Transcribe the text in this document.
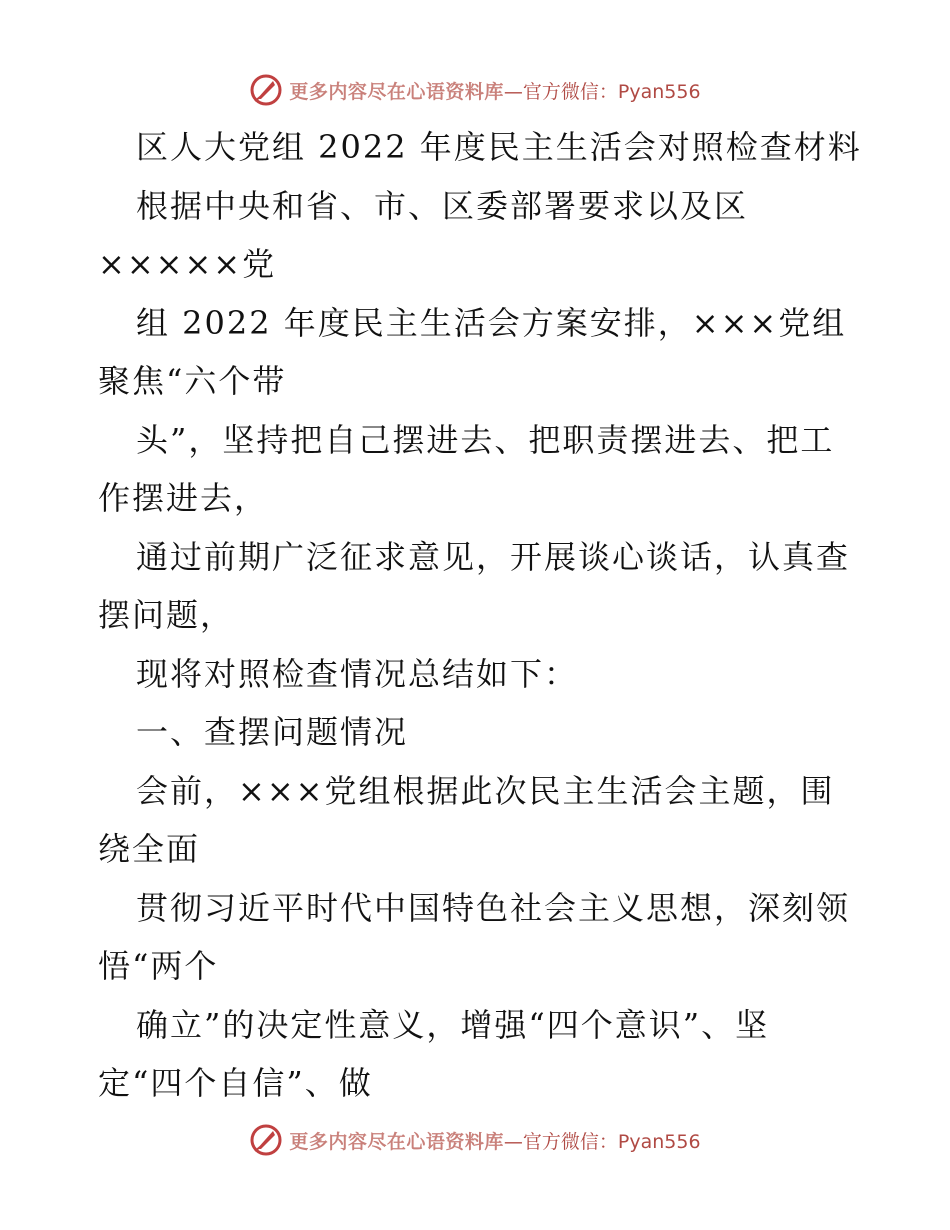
更多内容尽在心语资料库 —官方微信：Pyan556
区人大党组 2022 年度民主生活会对照检查材料
根据中央和省、市、区委部署要求以及区
×××××党
组 2022 年度民主生活会方案安排，×××党组
聚焦“六个带
头”，坚持把自己摆进去、把职责摆进去、把工
作摆进去，
通过前期广泛征求意见，开展谈心谈话，认真查
摆问题，
现将对照检查情况总结如下：
一、查摆问题情况
会前，×××党组根据此次民主生活会主题，围
绕全面
贯彻习近平时代中国特色社会主义思想，深刻领
悟“两个
确立”的决定性意义，增强“四个意识”、坚
定“四个自信”、做
更多内容尽在心语资料库 —官方微信：Pyan556
